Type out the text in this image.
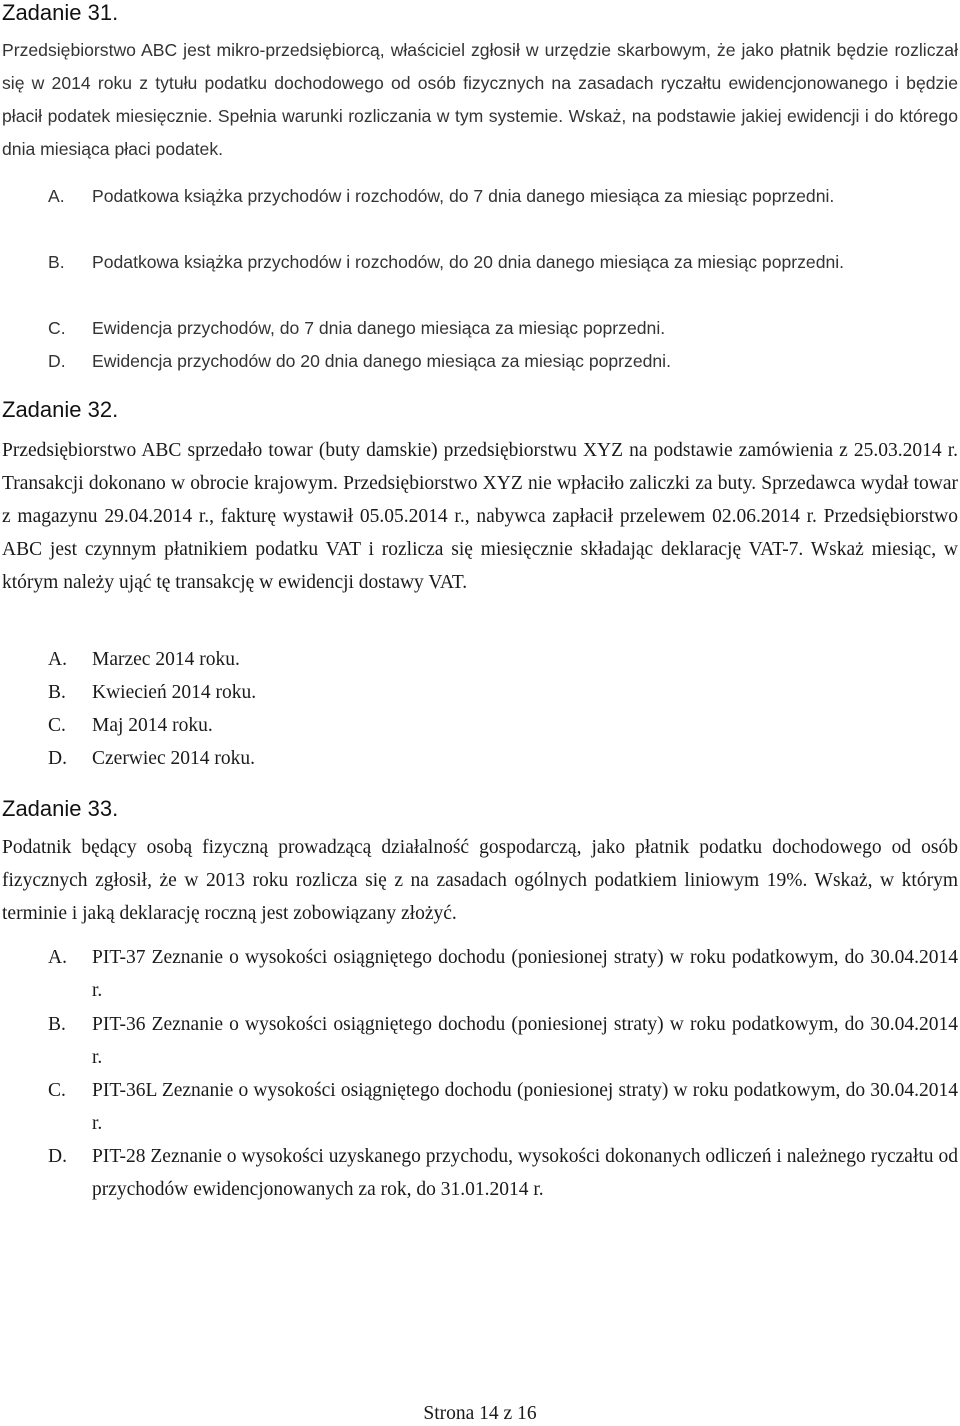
Zadanie 31.

Przedsiębiorstwo ABC jest mikro-przedsiębiorcą, właściciel zgłosił w urzędzie skarbowym, że jako płatnik będzie rozliczał się w 2014 roku z tytułu podatku dochodowego od osób fizycznych na zasadach ryczałtu ewidencjonowanego i będzie płacił podatek miesięcznie. Spełnia warunki rozliczania w tym systemie. Wskaż, na podstawie jakiej ewidencji i do którego dnia miesiąca płaci podatek.

A. Podatkowa książka przychodów i rozchodów, do 7 dnia danego miesiąca za miesiąc poprzedni.
B. Podatkowa książka przychodów i rozchodów, do 20 dnia danego miesiąca za miesiąc poprzedni.
C. Ewidencja przychodów, do 7 dnia danego miesiąca za miesiąc poprzedni.
D. Ewidencja przychodów do 20 dnia danego miesiąca za miesiąc poprzedni.
Zadanie 32.

Przedsiębiorstwo ABC sprzedało towar (buty damskie) przedsiębiorstwu XYZ na podstawie zamówienia z 25.03.2014 r. Transakcji dokonano w obrocie krajowym. Przedsiębiorstwo XYZ nie wpłaciło zaliczki za buty. Sprzedawca wydał towar z magazynu 29.04.2014 r., fakturę wystawił 05.05.2014 r., nabywca zapłacił przelewem 02.06.2014 r. Przedsiębiorstwo ABC jest czynnym płatnikiem podatku VAT i rozlicza się miesięcznie składając deklarację VAT-7. Wskaż miesiąc, w którym należy ująć tę transakcję w ewidencji dostawy VAT.

A. Marzec 2014 roku.
B. Kwiecień 2014 roku.
C. Maj 2014 roku.
D. Czerwiec 2014 roku.
Zadanie 33.

Podatnik będący osobą fizyczną prowadzącą działalność gospodarczą, jako płatnik podatku dochodowego od osób fizycznych zgłosił, że w 2013 roku rozlicza się z na zasadach ogólnych podatkiem liniowym 19%. Wskaż, w którym terminie i jaką deklarację roczną jest zobowiązany złożyć.

A. PIT-37 Zeznanie o wysokości osiągniętego dochodu (poniesionej straty) w roku podatkowym, do 30.04.2014 r.
B. PIT-36 Zeznanie o wysokości osiągniętego dochodu (poniesionej straty) w roku podatkowym, do 30.04.2014 r.
C. PIT-36L Zeznanie o wysokości osiągniętego dochodu (poniesionej straty) w roku podatkowym, do 30.04.2014 r.
D. PIT-28 Zeznanie o wysokości uzyskanego przychodu, wysokości dokonanych odliczeń i należnego ryczałtu od przychodów ewidencjonowanych za rok, do 31.01.2014 r.
Strona 14 z 16
